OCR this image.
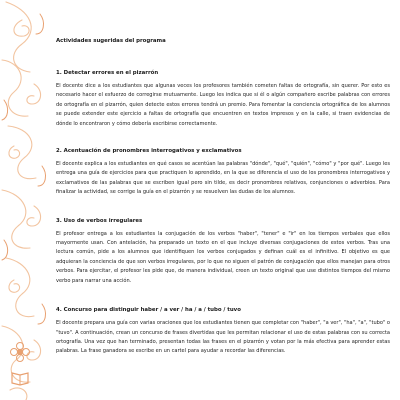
Actividades sugeridas del programa
1. Detectar errores en el pizarrón

El docente dice a los estudiantes que algunas veces los profesores también cometen faltas de ortografía, sin querer. Por esto es necesario hacer el esfuerzo de corregirse mutuamente. Luego les indica que si él o algún compañero escribe palabras con errores de ortografía en el pizarrón, quien detecte estos errores tendrá un premio. Para fomentar la conciencia ortográfica de los alumnos se puede extender este ejercicio a faltas de ortografía que encuentren en textos impresos y en la calle, si traen evidencias de dónde lo encontraron y cómo debería escribirse correctamente.

2. Acentuación de pronombres interrogativos y exclamativos

El docente explica a los estudiantes en qué casos se acentúan las palabras "dónde", "qué", "quién", "cómo" y "por qué". Luego les entrega una guía de ejercicios para que practiquen lo aprendido, en la que se diferencia el uso de los pronombres interrogativos y exclamativos de las palabras que se escriben igual pero sin tilde, es decir pronombres relativos, conjunciones o adverbios. Para finalizar la actividad, se corrige la guía en el pizarrón y se resuelven las dudas de los alumnos.

3. Uso de verbos irregulares

El profesor entrega a los estudiantes la conjugación de los verbos "haber", "tener" e "ir" en los tiempos verbales que ellos mayormente usan. Con antelación, ha preparado un texto en el que incluye diversas conjugaciones de estos verbos. Tras una lectura común, pide a los alumnos que identifiquen los verbos conjugados y definan cuál es el infinitivo. El objetivo es que adquieran la conciencia de que son verbos irregulares, por lo que no siguen el patrón de conjugación que ellos manejan para otros verbos. Para ejercitar, el profesor les pide que, de manera individual, creen un texto original que use distintos tiempos del mismo verbo para narrar una acción.

4. Concurso para distinguir haber / a ver / ha / a / tubo / tuvo

El docente prepara una guía con varias oraciones que los estudiantes tienen que completar con "haber", "a ver", "ha", "a", "tubo" o "tuvo". A continuación, crean un concurso de frases divertidas que les permitan relacionar el uso de estas palabras con su correcta ortografía. Una vez que han terminado, presentan todas las frases en el pizarrón y votan por la más efectiva para aprender estas palabras. La frase ganadora se escribe en un cartel para ayudar a recordar las diferencias.
